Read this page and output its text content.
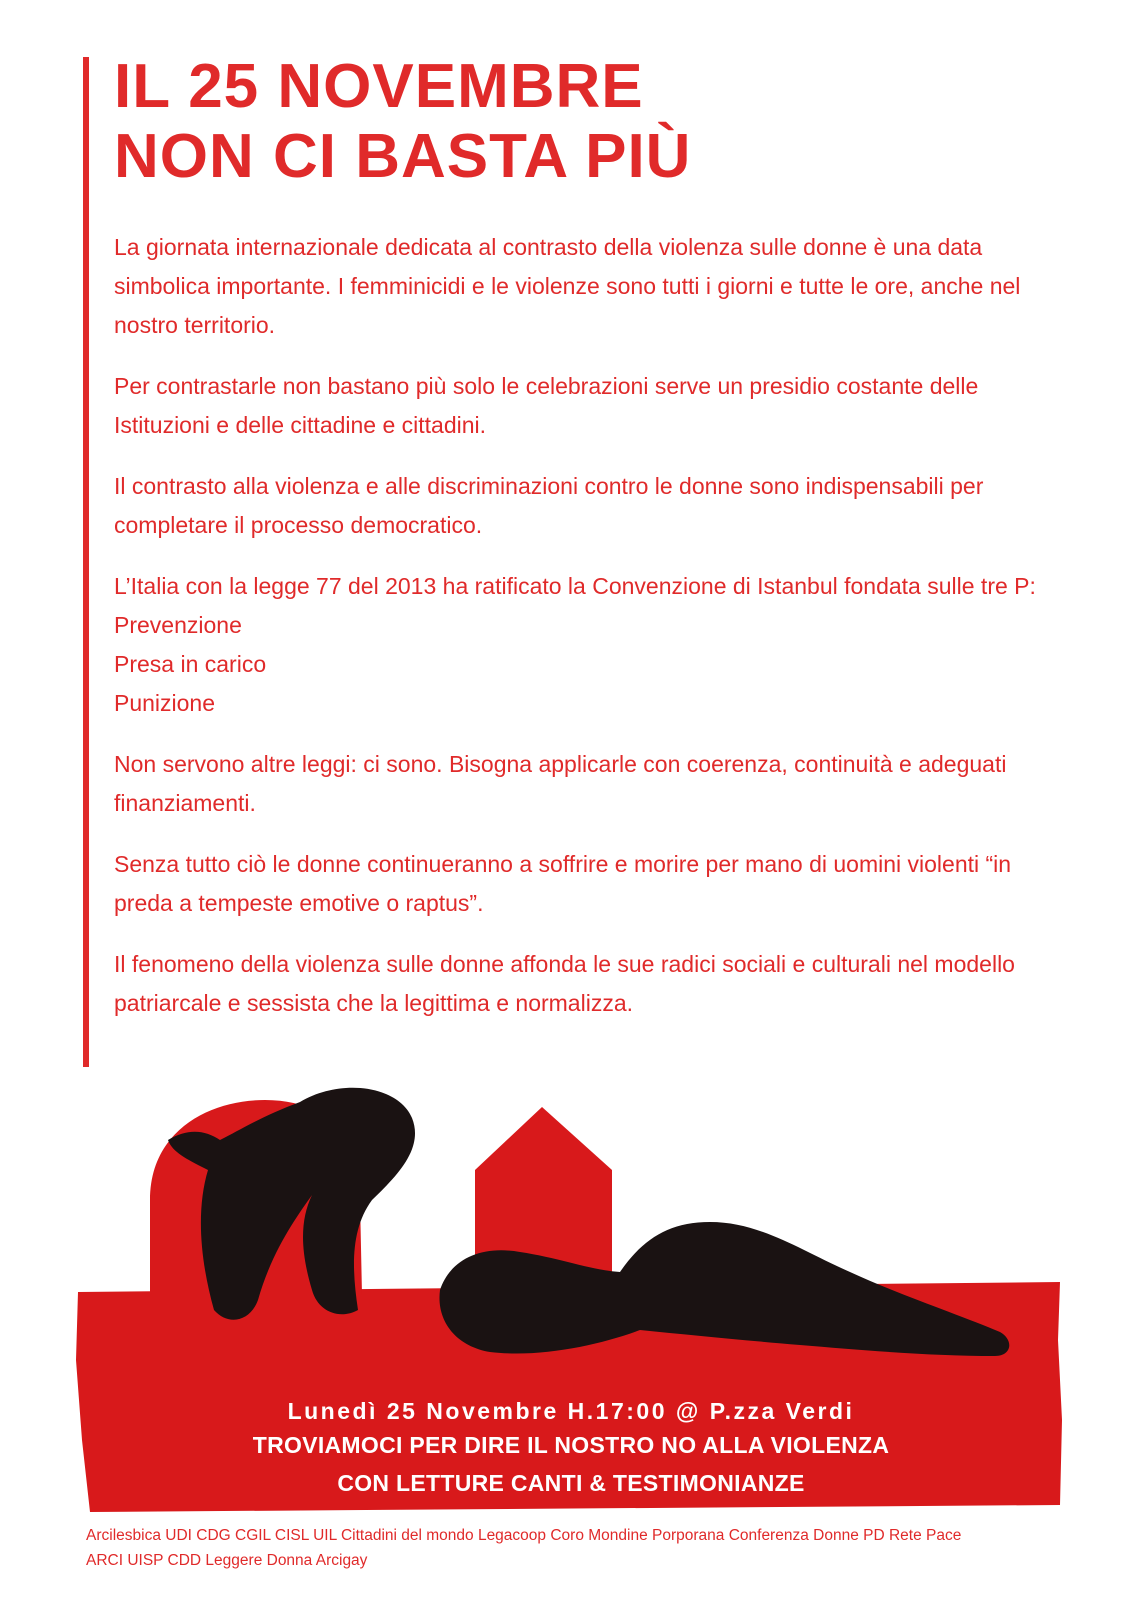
IL 25 NOVEMBRE
NON CI BASTA PIÙ

La giornata internazionale dedicata al contrasto della violenza sulle donne è una data simbolica importante. I femminicidi e le violenze sono tutti i giorni e tutte le ore, anche nel nostro territorio.

Per contrastarle non bastano più solo le celebrazioni serve un presidio costante delle Istituzioni e delle cittadine e cittadini.

Il contrasto alla violenza e alle discriminazioni contro le donne sono indispensabili per completare il processo democratico.

L’Italia con la legge 77 del 2013 ha ratificato la Convenzione di Istanbul fondata sulle tre P:
Prevenzione
Presa in carico
Punizione

Non servono altre leggi: ci sono. Bisogna applicarle con coerenza, continuità e adeguati finanziamenti.

Senza tutto ciò le donne continueranno a soffrire e morire per mano di uomini violenti “in preda a tempeste emotive o raptus”.

Il fenomeno della violenza sulle donne affonda le sue radici sociali e culturali nel modello patriarcale e sessista che la legittima e normalizza.

Lunedì 25 Novembre H.17:00 @ P.zza Verdi
TROVIAMOCI PER DIRE IL NOSTRO NO ALLA VIOLENZA
CON LETTURE CANTI & TESTIMONIANZE
Arcilesbica UDI CDG CGIL CISL UIL Cittadini del mondo Legacoop Coro Mondine Porporana Conferenza Donne PD Rete Pace
ARCI UISP CDD Leggere Donna Arcigay
